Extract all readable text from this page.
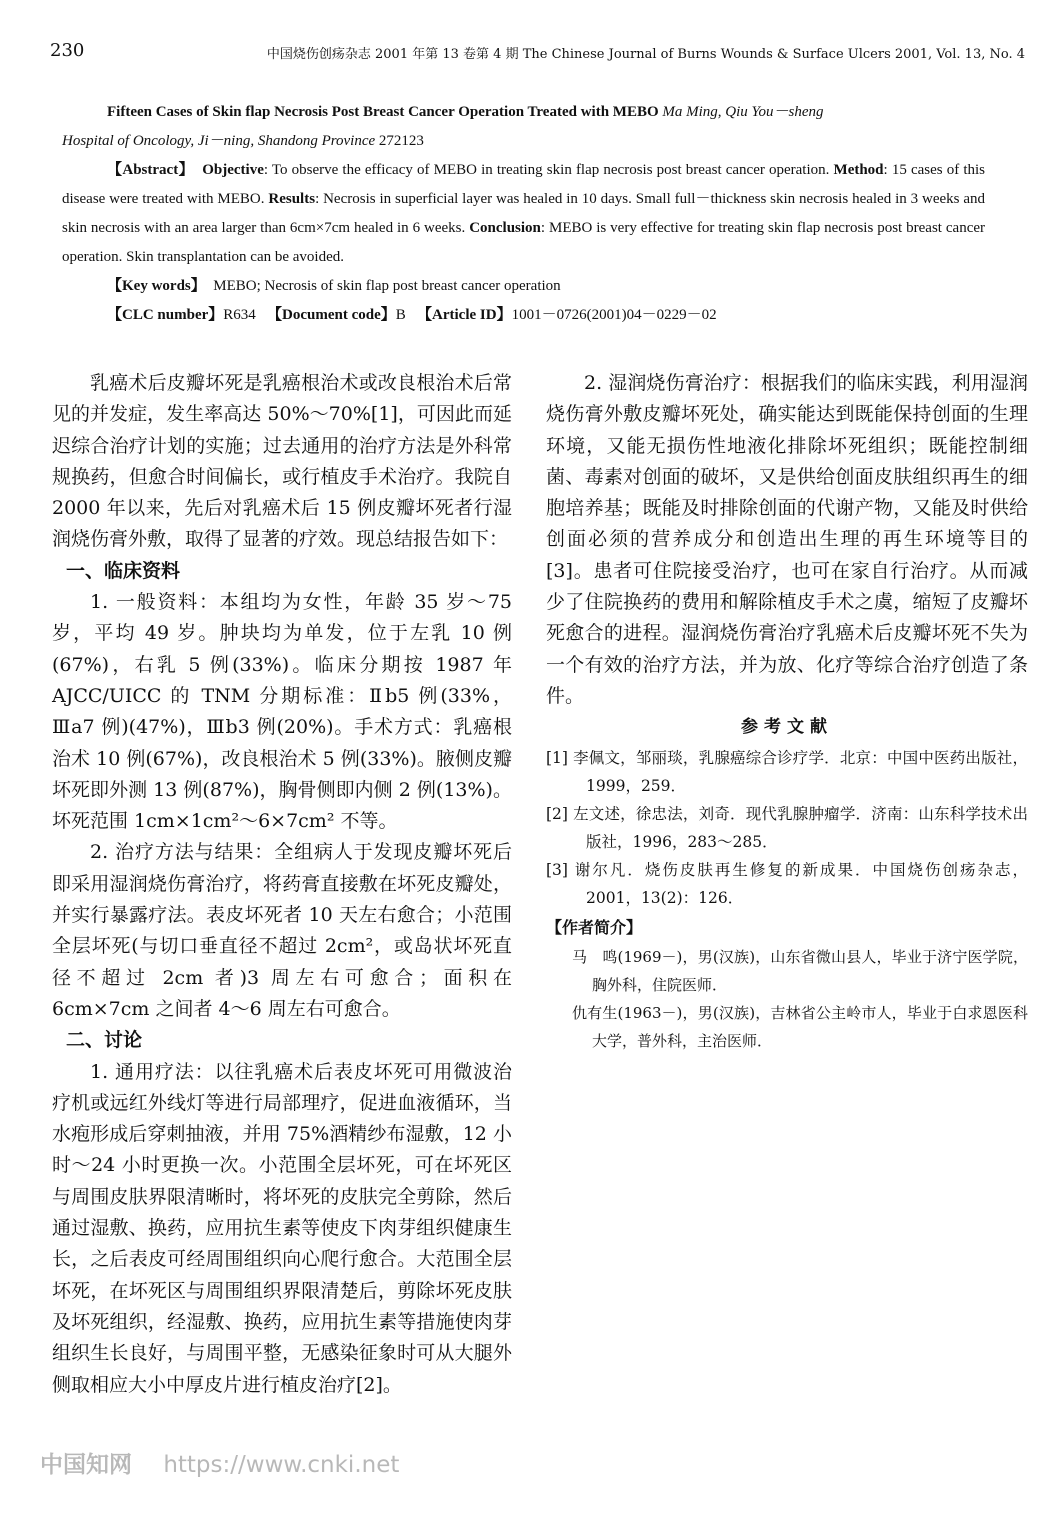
230	中国烧伤创疡杂志 2001 年第 13 卷第 4 期 The Chinese Journal of Burns Wounds & Surface Ulcers 2001, Vol. 13, No. 4

Fifteen Cases of Skin flap Necrosis Post Breast Cancer Operation Treated with MEBO Ma Ming, Qiu You－sheng

Hospital of Oncology, Ji－ning, Shandong Province 272123

【Abstract】 Objective: To observe the efficacy of MEBO in treating skin flap necrosis post breast cancer operation. Method: 15 cases of this disease were treated with MEBO. Results: Necrosis in superficial layer was healed in 10 days. Small full－thickness skin necrosis healed in 3 weeks and skin necrosis with an area larger than 6cm×7cm healed in 6 weeks. Conclusion: MEBO is very effective for treating skin flap necrosis post breast cancer operation. Skin transplantation can be avoided.

【Key words】 MEBO; Necrosis of skin flap post breast cancer operation

【CLC number】R634 【Document code】B 【Article ID】1001－0726(2001)04－0229－02

乳癌术后皮瓣坏死是乳癌根治术或改良根治术后常见的并发症，发生率高达 50%～70%[1]，可因此而延迟综合治疗计划的实施；过去通用的治疗方法是外科常规换药，但愈合时间偏长，或行植皮手术治疗。我院自 2000 年以来，先后对乳癌术后 15 例皮瓣坏死者行湿润烧伤膏外敷，取得了显著的疗效。现总结报告如下：

一、临床资料

1. 一般资料：本组均为女性，年龄 35 岁～75 岁，平均 49 岁。肿块均为单发，位于左乳 10 例(67%)，右乳 5 例(33%)。临床分期按 1987 年 AJCC/UICC 的 TNM 分期标准：Ⅱb5 例(33%，Ⅲa7 例)(47%)，Ⅲb3 例(20%)。手术方式：乳癌根治术 10 例(67%)，改良根治术 5 例(33%)。腋侧皮瓣坏死即外测 13 例(87%)，胸骨侧即内侧 2 例(13%)。坏死范围 1cm×1cm²～6×7cm² 不等。

2. 治疗方法与结果：全组病人于发现皮瓣坏死后即采用湿润烧伤膏治疗，将药膏直接敷在坏死皮瓣处，并实行暴露疗法。表皮坏死者 10 天左右愈合；小范围全层坏死(与切口垂直径不超过 2cm²，或岛状坏死直径不超过 2cm 者)3 周左右可愈合；面积在 6cm×7cm 之间者 4～6 周左右可愈合。

二、讨论

1. 通用疗法：以往乳癌术后表皮坏死可用微波治疗机或远红外线灯等进行局部理疗，促进血液循环，当水疱形成后穿刺抽液，并用 75%酒精纱布湿敷，12 小时～24 小时更换一次。小范围全层坏死，可在坏死区与周围皮肤界限清晰时，将坏死的皮肤完全剪除，然后通过湿敷、换药，应用抗生素等使皮下肉芽组织健康生长，之后表皮可经周围组织向心爬行愈合。大范围全层坏死，在坏死区与周围组织界限清楚后，剪除坏死皮肤及坏死组织，经湿敷、换药，应用抗生素等措施使肉芽组织生长良好，与周围平整，无感染征象时可从大腿外侧取相应大小中厚皮片进行植皮治疗[2]。

2. 湿润烧伤膏治疗：根据我们的临床实践，利用湿润烧伤膏外敷皮瓣坏死处，确实能达到既能保持创面的生理环境，又能无损伤性地液化排除坏死组织；既能控制细菌、毒素对创面的破坏，又是供给创面皮肤组织再生的细胞培养基；既能及时排除创面的代谢产物，又能及时供给创面必须的营养成分和创造出生理的再生环境等目的[3]。患者可住院接受治疗，也可在家自行治疗。从而减少了住院换药的费用和解除植皮手术之虞，缩短了皮瓣坏死愈合的进程。湿润烧伤膏治疗乳癌术后皮瓣坏死不失为一个有效的治疗方法，并为放、化疗等综合治疗创造了条件。

参考文献

[1] 李佩文，邹丽琰，乳腺癌综合诊疗学．北京：中国中医药出版社，1999，259．

[2] 左文述，徐忠法，刘奇．现代乳腺肿瘤学．济南：山东科学技术出版社，1996，283～285．

[3] 谢尔凡．烧伤皮肤再生修复的新成果．中国烧伤创疡杂志，2001，13(2)：126．

【作者简介】

马　鸣(1969－)，男(汉族)，山东省微山县人，毕业于济宁医学院，胸外科，住院医师．

仇有生(1963－)，男(汉族)，吉林省公主岭市人，毕业于白求恩医科大学，普外科，主治医师．

中国知网 https://www.cnki.net
